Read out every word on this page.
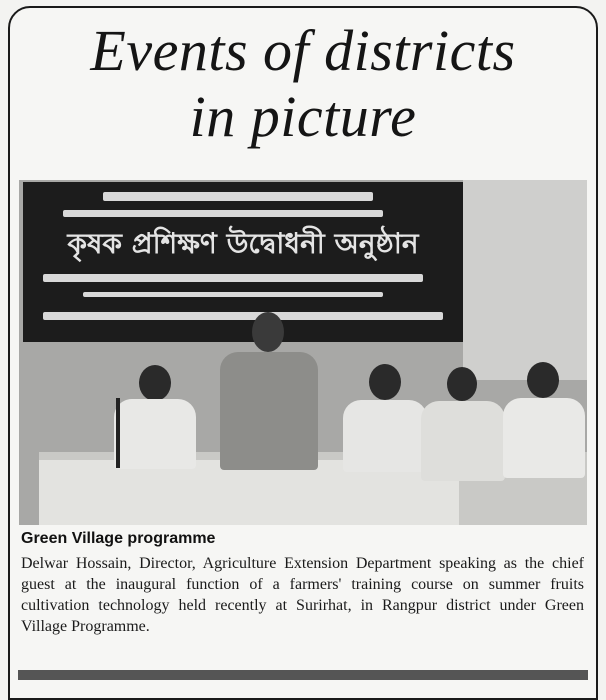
Events of districts
in picture
কৃষক প্রশিক্ষণ উদ্বোধনী অনুষ্ঠান
Green Village programme
Delwar Hossain, Director, Agriculture Extension Department speaking as the chief guest at the inaugural function of a farmers' training course on summer fruits cultivation technology held recently at Surirhat, in Rangpur district under Green Village Programme.
